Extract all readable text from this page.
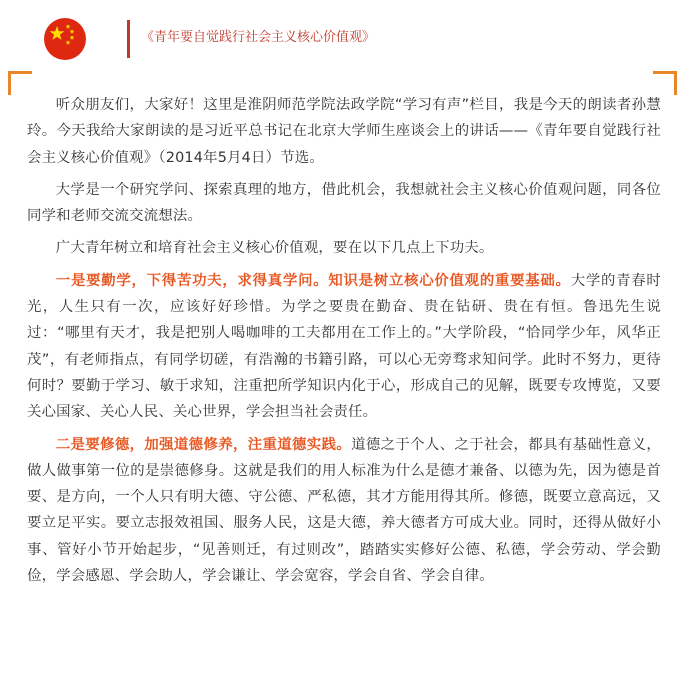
《青年要自觉践行社会主义核心价值观》

听众朋友们，大家好！这里是淮阴师范学院法政学院“学习有声”栏目，我是今天的朗读者孙慧玲。今天我给大家朗读的是习近平总书记在北京大学师生座谈会上的讲话——《青年要自觉践行社会主义核心价值观》（2014年5月4日）节选。

大学是一个研究学问、探索真理的地方，借此机会，我想就社会主义核心价值观问题，同各位同学和老师交流交流想法。

广大青年树立和培育社会主义核心价值观，要在以下几点上下功夫。

一是要勤学，下得苦功夫，求得真学问。知识是树立核心价值观的重要基础。大学的青春时光，人生只有一次，应该好好珍惜。为学之要贵在勤奋、贵在钻研、贵在有恒。鲁迅先生说过：“哪里有天才，我是把别人喝咖啡的工夫都用在工作上的。”大学阶段，“恰同学少年，风华正茂”，有老师指点，有同学切磋，有浩瀚的书籍引路，可以心无旁骛求知问学。此时不努力，更待何时？要勤于学习、敏于求知，注重把所学知识内化于心，形成自己的见解，既要专攻博览，又要关心国家、关心人民、关心世界，学会担当社会责任。

二是要修德，加强道德修养，注重道德实践。道德之于个人、之于社会，都具有基础性意义，做人做事第一位的是崇德修身。这就是我们的用人标准为什么是德才兼备、以德为先，因为德是首要、是方向，一个人只有明大德、守公德、严私德，其才方能用得其所。修德，既要立意高远，又要立足平实。要立志报效祖国、服务人民，这是大德，养大德者方可成大业。同时，还得从做好小事、管好小节开始起步，“见善则迁，有过则改”，踏踏实实修好公德、私德，学会劳动、学会勤俭，学会感恩、学会助人，学会谦让、学会宽容，学会自省、学会自律。
